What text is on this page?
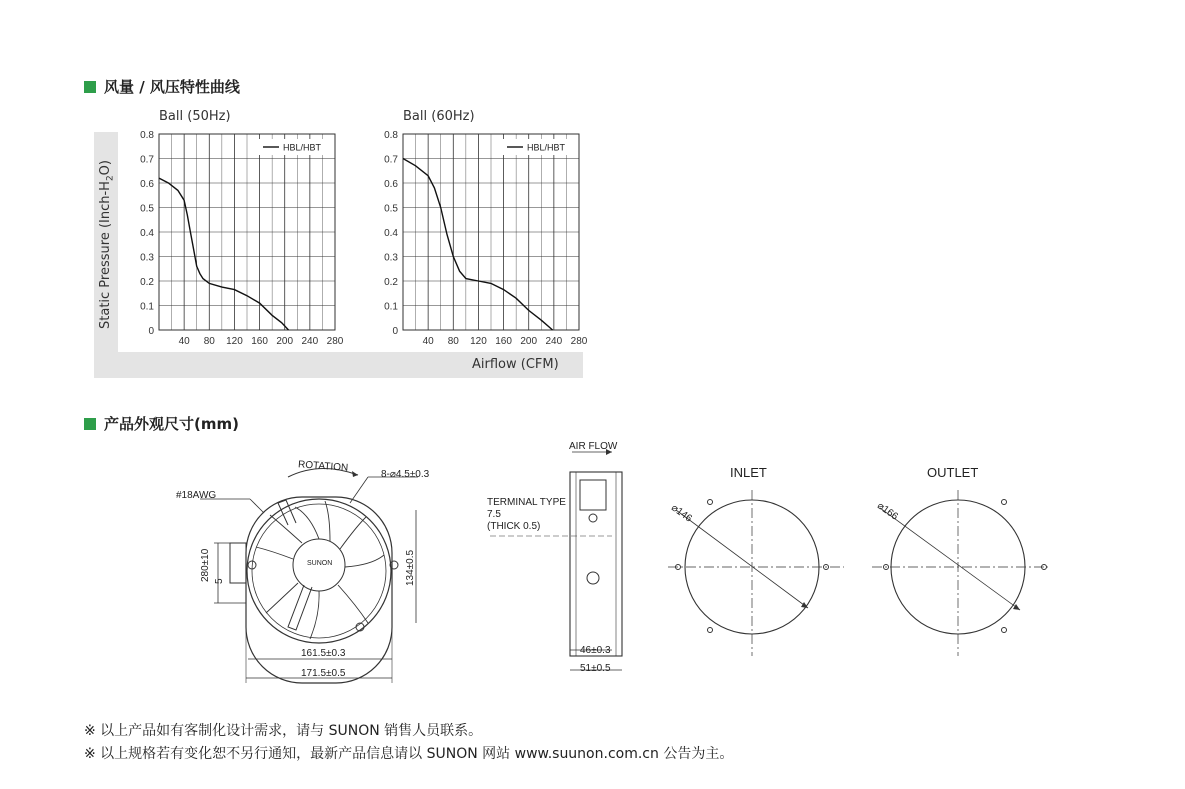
风量 / 风压特性曲线
Static Pressure $(Inch-H_2O)$
Airflow (CFM)
Ball (50Hz)	Ball (60Hz)
0
0.1
0.2
0.3
0.4
0.5
0.6
0.7
0.8
40 80 120 160 200 240 280
HBL/HBT
0
0.1
0.2
0.3
0.4
0.5
0.6
0.7
0.8
40 80 120 160 200 240 280
HBL/HBT
产品外观尺寸(mm)
ROTATION
8-⌀4.5±0.3
#18AWG
SUNON
280±10 5	134±0.5
161.5±0.3
171.5±0.5
AIR FLOW
TERMINAL TYPE
7.5
(THICK 0.5)
46±0.3
51±0.5
INLET
⌀146
OUTLET
⌀166
※ 以上产品如有客制化设计需求，请与 SUNON 销售人员联系。
※ 以上规格若有变化恕不另行通知，最新产品信息请以 SUNON 网站 www.suunon.com.cn 公告为主。
